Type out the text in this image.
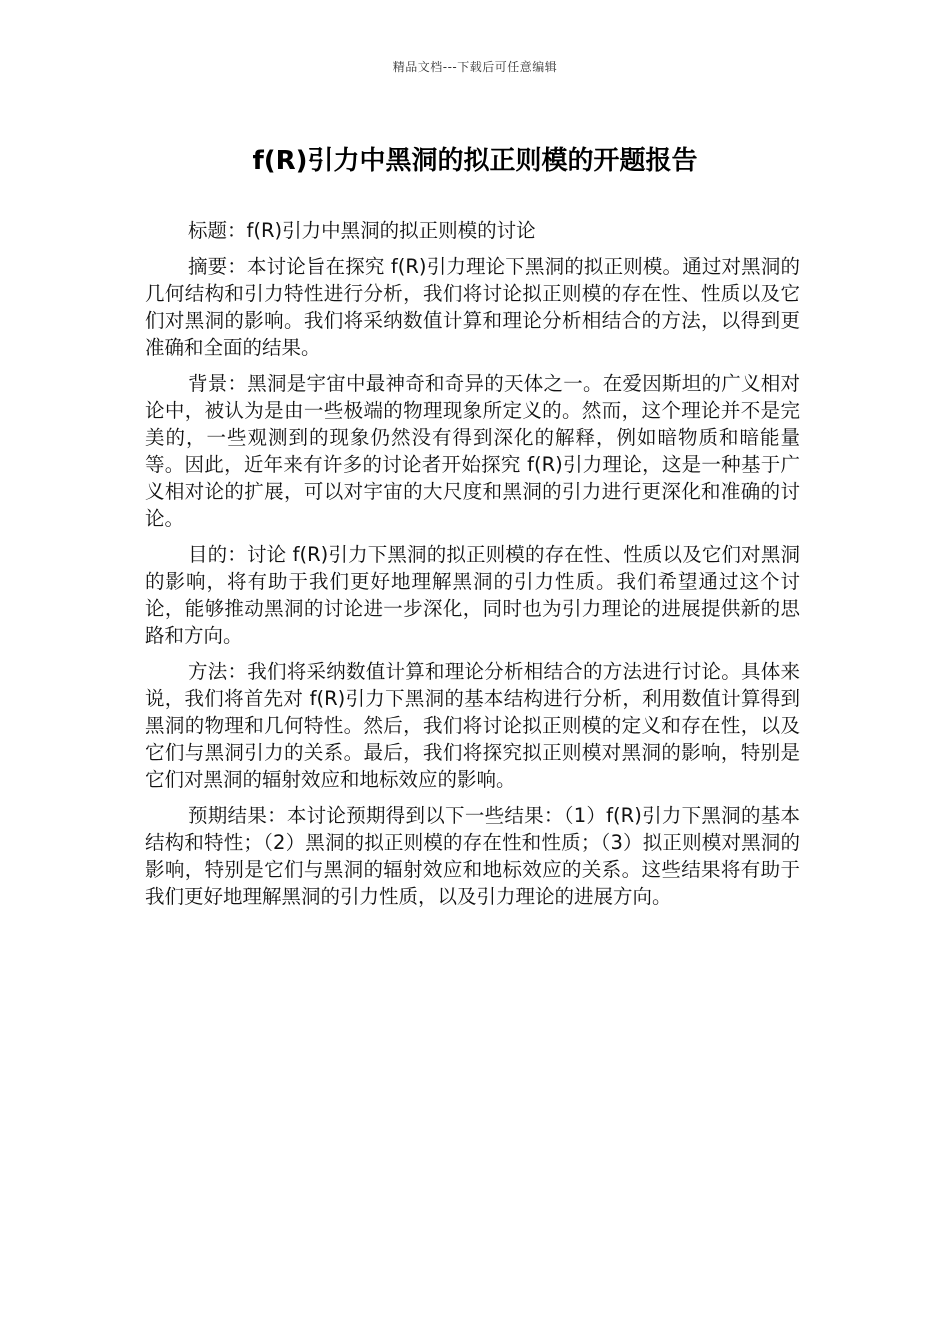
精品文档---下载后可任意编辑
f(R)引力中黑洞的拟正则模的开题报告

标题：f(R)引力中黑洞的拟正则模的讨论

摘要：本讨论旨在探究 f(R)引力理论下黑洞的拟正则模。通过对黑洞的几何结构和引力特性进行分析，我们将讨论拟正则模的存在性、性质以及它们对黑洞的影响。我们将采纳数值计算和理论分析相结合的方法，以得到更准确和全面的结果。

背景：黑洞是宇宙中最神奇和奇异的天体之一。在爱因斯坦的广义相对论中，被认为是由一些极端的物理现象所定义的。然而，这个理论并不是完美的，一些观测到的现象仍然没有得到深化的解释，例如暗物质和暗能量等。因此，近年来有许多的讨论者开始探究 f(R)引力理论，这是一种基于广义相对论的扩展，可以对宇宙的大尺度和黑洞的引力进行更深化和准确的讨论。

目的：讨论 f(R)引力下黑洞的拟正则模的存在性、性质以及它们对黑洞的影响，将有助于我们更好地理解黑洞的引力性质。我们希望通过这个讨论，能够推动黑洞的讨论进一步深化，同时也为引力理论的进展提供新的思路和方向。

方法：我们将采纳数值计算和理论分析相结合的方法进行讨论。具体来说，我们将首先对 f(R)引力下黑洞的基本结构进行分析，利用数值计算得到黑洞的物理和几何特性。然后，我们将讨论拟正则模的定义和存在性，以及它们与黑洞引力的关系。最后，我们将探究拟正则模对黑洞的影响，特别是它们对黑洞的辐射效应和地标效应的影响。

预期结果：本讨论预期得到以下一些结果：（1）f(R)引力下黑洞的基本结构和特性；（2）黑洞的拟正则模的存在性和性质；（3）拟正则模对黑洞的影响，特别是它们与黑洞的辐射效应和地标效应的关系。这些结果将有助于我们更好地理解黑洞的引力性质，以及引力理论的进展方向。
